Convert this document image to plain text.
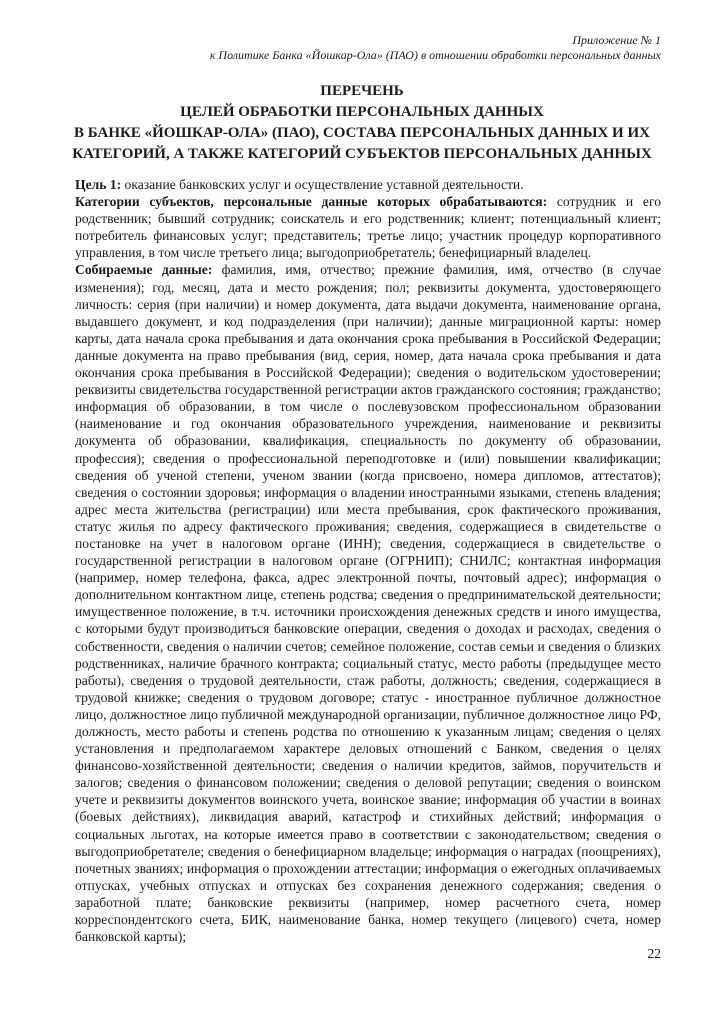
Приложение № 1
к Политике Банка «Йошкар-Ола» (ПАО) в отношении обработки персональных данных
ПЕРЕЧЕНЬ
ЦЕЛЕЙ ОБРАБОТКИ ПЕРСОНАЛЬНЫХ ДАННЫХ
В БАНКЕ «ЙОШКАР-ОЛА» (ПАО), СОСТАВА ПЕРСОНАЛЬНЫХ ДАННЫХ И ИХ
КАТЕГОРИЙ, А ТАКЖЕ КАТЕГОРИЙ СУБЪЕКТОВ ПЕРСОНАЛЬНЫХ ДАННЫХ

Цель 1: оказание банковских услуг и осуществление уставной деятельности.

Категории субъектов, персональные данные которых обрабатываются: сотрудник и его родственник; бывший сотрудник; соискатель и его родственник; клиент; потенциальный клиент; потребитель финансовых услуг; представитель; третье лицо; участник процедур корпоративного управления, в том числе третьего лица; выгодоприобретатель; бенефициарный владелец.

Собираемые данные: фамилия, имя, отчество; прежние фамилия, имя, отчество (в случае изменения); год, месяц, дата и место рождения; пол; реквизиты документа, удостоверяющего личность: серия (при наличии) и номер документа, дата выдачи документа, наименование органа, выдавшего документ, и код подразделения (при наличии); данные миграционной карты: номер карты, дата начала срока пребывания и дата окончания срока пребывания в Российской Федерации; данные документа на право пребывания (вид, серия, номер, дата начала срока пребывания и дата окончания срока пребывания в Российской Федерации); сведения о водительском удостоверении; реквизиты свидетельства государственной регистрации актов гражданского состояния; гражданство; информация об образовании, в том числе о послевузовском профессиональном образовании (наименование и год окончания образовательного учреждения, наименование и реквизиты документа об образовании, квалификация, специальность по документу об образовании, профессия); сведения о профессиональной переподготовке и (или) повышении квалификации; сведения об ученой степени, ученом звании (когда присвоено, номера дипломов, аттестатов); сведения о состоянии здоровья; информация о владении иностранными языками, степень владения; адрес места жительства (регистрации) или места пребывания, срок фактического проживания, статус жилья по адресу фактического проживания; сведения, содержащиеся в свидетельстве о постановке на учет в налоговом органе (ИНН); сведения, содержащиеся в свидетельстве о государственной регистрации в налоговом органе (ОГРНИП); СНИЛС; контактная информация (например, номер телефона, факса, адрес электронной почты, почтовый адрес); информация о дополнительном контактном лице, степень родства; сведения о предпринимательской деятельности; имущественное положение, в т.ч. источники происхождения денежных средств и иного имущества, с которыми будут производиться банковские операции, сведения о доходах и расходах, сведения о собственности, сведения о наличии счетов; семейное положение, состав семьи и сведения о близких родственниках, наличие брачного контракта; социальный статус, место работы (предыдущее место работы), сведения о трудовой деятельности, стаж работы, должность; сведения, содержащиеся в трудовой книжке; сведения о трудовом договоре; статус - иностранное публичное должностное лицо, должностное лицо публичной международной организации, публичное должностное лицо РФ, должность, место работы и степень родства по отношению к указанным лицам; сведения о целях установления и предполагаемом характере деловых отношений с Банком, сведения о целях финансово-хозяйственной деятельности; сведения о наличии кредитов, займов, поручительств и залогов; сведения о финансовом положении; сведения о деловой репутации; сведения о воинском учете и реквизиты документов воинского учета, воинское звание; информация об участии в воинах (боевых действиях), ликвидация аварий, катастроф и стихийных действий; информация о социальных льготах, на которые имеется право в соответствии с законодательством; сведения о выгодоприобретателе; сведения о бенефициарном владельце; информация о наградах (поощрениях), почетных званиях; информация о прохождении аттестации; информация о ежегодных оплачиваемых отпусках, учебных отпусках и отпусках без сохранения денежного содержания; сведения о заработной плате; банковские реквизиты (например, номер расчетного счета, номер корреспондентского счета, БИК, наименование банка, номер текущего (лицевого) счета, номер банковской карты);

22
